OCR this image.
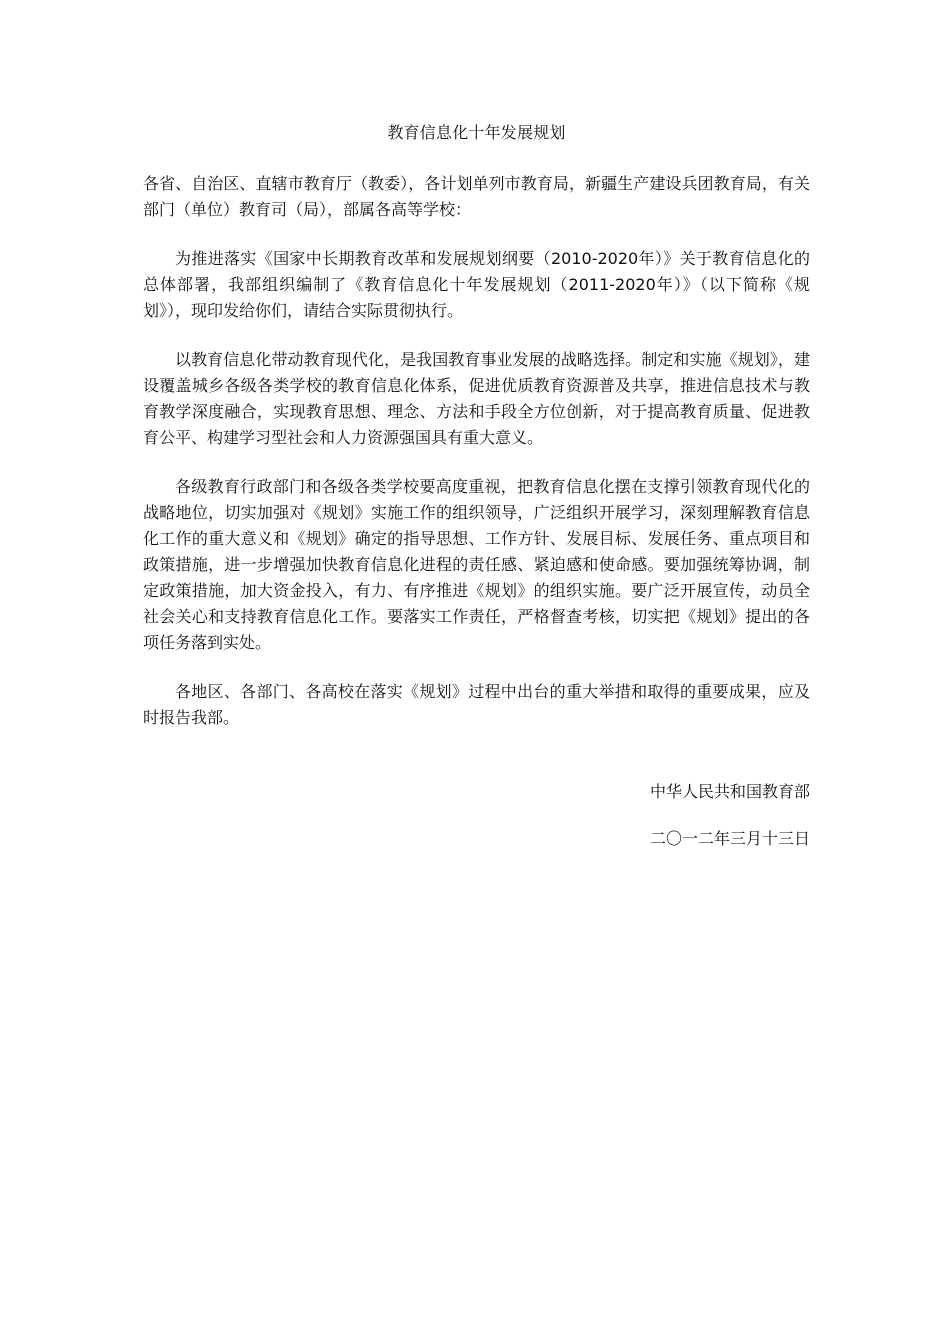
教育信息化十年发展规划

各省、自治区、直辖市教育厅（教委），各计划单列市教育局，新疆生产建设兵团教育局，有关部门（单位）教育司（局），部属各高等学校：

为推进落实《国家中长期教育改革和发展规划纲要（2010-2020年）》关于教育信息化的总体部署，我部组织编制了《教育信息化十年发展规划（2011-2020年）》（以下简称《规划》），现印发给你们，请结合实际贯彻执行。

以教育信息化带动教育现代化，是我国教育事业发展的战略选择。制定和实施《规划》，建设覆盖城乡各级各类学校的教育信息化体系，促进优质教育资源普及共享，推进信息技术与教育教学深度融合，实现教育思想、理念、方法和手段全方位创新，对于提高教育质量、促进教育公平、构建学习型社会和人力资源强国具有重大意义。

各级教育行政部门和各级各类学校要高度重视，把教育信息化摆在支撑引领教育现代化的战略地位，切实加强对《规划》实施工作的组织领导，广泛组织开展学习，深刻理解教育信息化工作的重大意义和《规划》确定的指导思想、工作方针、发展目标、发展任务、重点项目和政策措施，进一步增强加快教育信息化进程的责任感、紧迫感和使命感。要加强统筹协调，制定政策措施，加大资金投入，有力、有序推进《规划》的组织实施。要广泛开展宣传，动员全社会关心和支持教育信息化工作。要落实工作责任，严格督查考核，切实把《规划》提出的各项任务落到实处。

各地区、各部门、各高校在落实《规划》过程中出台的重大举措和取得的重要成果，应及时报告我部。

中华人民共和国教育部
二〇一二年三月十三日
